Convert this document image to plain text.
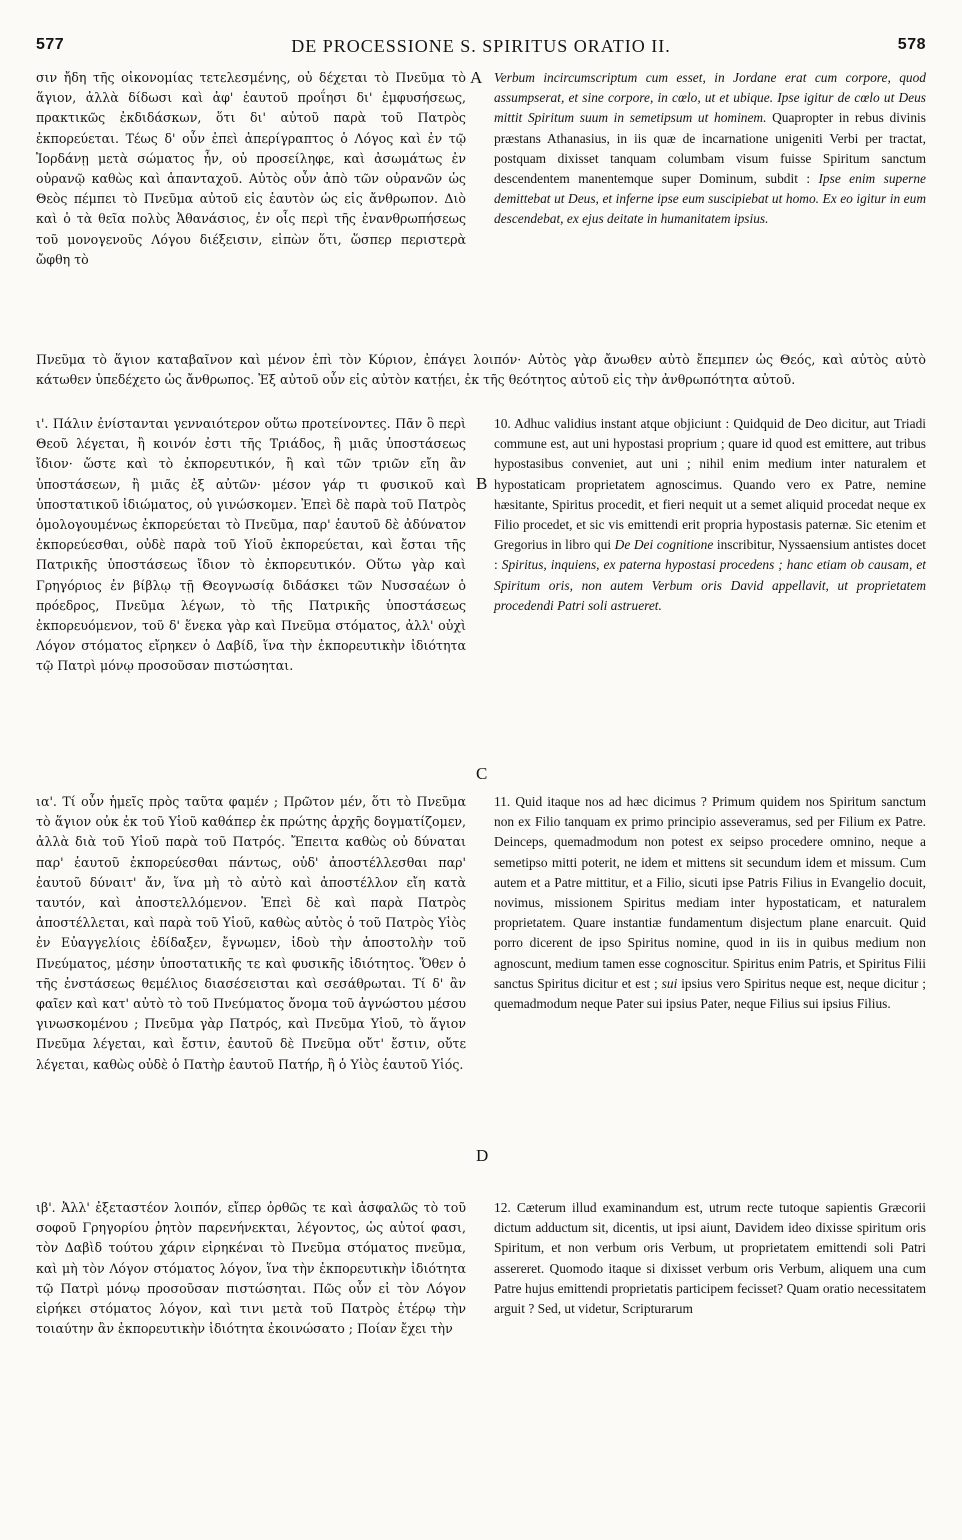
577	DE PROCESSIONE S. SPIRITUS ORATIO II.	578

σιν ἤδη τῆς οἰκονομίας τετελεσμένης, οὐ δέχεται τὸ Πνεῦμα τὸ ἅγιον, ἀλλὰ δίδωσι καὶ ἀφ' ἑαυτοῦ προΐησι δι' ἐμφυσήσεως, πρακτικῶς ἐκδιδάσκων, ὅτι δι' αὐτοῦ παρὰ τοῦ Πατρὸς ἐκπορεύεται. Τέως δ' οὖν ἐπεὶ ἀπερίγραπτος ὁ Λόγος καὶ ἐν τῷ Ἰορδάνῃ μετὰ σώματος ἦν, οὐ προσείληφε, καὶ ἀσωμάτως ἐν οὐρανῷ καθὼς καὶ ἁπανταχοῦ. Αὐτὸς οὖν ἀπὸ τῶν οὐρανῶν ὡς Θεὸς πέμπει τὸ Πνεῦμα αὐτοῦ εἰς ἑαυτὸν ὡς εἰς ἄνθρωπον. Διὸ καὶ ὁ τὰ θεῖα πολὺς Ἀθανάσιος, ἐν οἷς περὶ τῆς ἐνανθρωπήσεως τοῦ μονογενοῦς Λόγου διέξεισιν, εἰπὼν ὅτι, ὥσπερ περιστερὰ ὤφθη τὸ

A Verbum incircumscriptum cum esset, in Jordane erat cum corpore, quod assumpserat, et sine corpore, in cœlo, ut et ubique. Ipse igitur de cœlo ut Deus mittit Spiritum suum in semetipsum ut hominem. Quapropter in rebus divinis præstans Athanasius, in iis quæ de incarnatione unigeniti Verbi per tractat, postquam dixisset tanquam columbam visum fuisse Spiritum sanctum descendentem manentemque super Dominum, subdit : Ipse enim superne demittebat ut Deus, et inferne ipse eum suscipiebat ut homo. Ex eo igitur in eum descendebat, ex ejus deitate in humanitatem ipsius.

Πνεῦμα τὸ ἅγιον καταβαῖνον καὶ μένον ἐπὶ τὸν Κύριον, ἐπάγει λοιπόν· Αὐτὸς γὰρ ἄνωθεν αὐτὸ ἔπεμπεν ὡς Θεός, καὶ αὐτὸς αὐτὸ κάτωθεν ὑπεδέχετο ὡς ἄνθρωπος. Ἐξ αὐτοῦ οὖν εἰς αὐτὸν κατῄει, ἐκ τῆς θεότητος αὐτοῦ εἰς τὴν ἀνθρωπότητα αὐτοῦ.

ι'. Πάλιν ἐνίστανται γενναιότερον οὕτω προτείνοντες. Πᾶν ὃ περὶ Θεοῦ λέγεται, ἢ κοινόν ἐστι τῆς Τριάδος, ἢ μιᾶς ὑποστάσεως ἴδιον· ὥστε καὶ τὸ ἐκπορευτικόν, ἢ καὶ τῶν τριῶν εἴη ἂν ὑποστάσεων, ἢ μιᾶς ἐξ αὐτῶν· μέσον γάρ τι φυσικοῦ καὶ ὑποστατικοῦ ἰδιώματος, οὐ γινώσκομεν. Ἐπεὶ δὲ παρὰ τοῦ Πατρὸς ὁμολογουμένως ἐκπορεύεται τὸ Πνεῦμα, παρ' ἑαυτοῦ δὲ ἀδύνατον ἐκπορεύεσθαι, οὐδὲ παρὰ τοῦ Υἱοῦ ἐκπορεύεται, καὶ ἔσται τῆς Πατρικῆς ὑποστάσεως ἴδιον τὸ ἐκπορευτικόν. Οὕτω γὰρ καὶ Γρηγόριος ἐν βίβλῳ τῇ Θεογνωσίᾳ διδάσκει τῶν Νυσσαέων ὁ πρόεδρος, Πνεῦμα λέγων, τὸ τῆς Πατρικῆς ὑποστάσεως ἐκπορευόμενον, τοῦ δ' ἕνεκα γὰρ καὶ Πνεῦμα στόματος, ἀλλ' οὐχὶ Λόγον στόματος εἴρηκεν ὁ Δαβίδ, ἵνα τὴν ἐκπορευτικὴν ἰδιότητα τῷ Πατρὶ μόνῳ προσοῦσαν πιστώσηται.

B

10. Adhuc validius instant atque objiciunt : Quidquid de Deo dicitur, aut Triadi commune est, aut uni hypostasi proprium ; quare id quod est emittere, aut tribus hypostasibus conveniet, aut uni ; nihil enim medium inter naturalem et hypostaticam proprietatem agnoscimus. Quando vero ex Patre, nemine hæsitante, Spiritus procedit, et fieri nequit ut a semet aliquid procedat neque ex Filio procedet, et sic vis emittendi erit propria hypostasis paternæ. Sic etenim et Gregorius in libro qui De Dei cognitione inscribitur, Nyssaensium antistes docet : Spiritus, inquiens, ex paterna hypostasi procedens ; hanc etiam ob causam, et Spiritum oris, non autem Verbum oris David appellavit, ut proprietatem procedendi Patri soli astrueret.

C

ια'. Τί οὖν ἡμεῖς πρὸς ταῦτα φαμέν ; Πρῶτον μέν, ὅτι τὸ Πνεῦμα τὸ ἅγιον οὐκ ἐκ τοῦ Υἱοῦ καθάπερ ἐκ πρώτης ἀρχῆς δογματίζομεν, ἀλλὰ διὰ τοῦ Υἱοῦ παρὰ τοῦ Πατρός. Ἔπειτα καθὼς οὐ δύναται παρ' ἑαυτοῦ ἐκπορεύεσθαι πάντως, οὐδ' ἀποστέλλεσθαι παρ' ἑαυτοῦ δύναιτ' ἄν, ἵνα μὴ τὸ αὐτὸ καὶ ἀποστέλλον εἴη κατὰ ταυτόν, καὶ ἀποστελλόμενον. Ἐπεὶ δὲ καὶ παρὰ Πατρὸς ἀποστέλλεται, καὶ παρὰ τοῦ Υἱοῦ, καθὼς αὐτὸς ὁ τοῦ Πατρὸς Υἱὸς ἐν Εὐαγγελίοις ἐδίδαξεν, ἔγνωμεν, ἰδοὺ τὴν ἀποστολὴν τοῦ Πνεύματος, μέσην ὑποστατικῆς τε καὶ φυσικῆς ἰδιότητος. Ὅθεν ὁ τῆς ἐνστάσεως θεμέλιος διασέσεισται καὶ σεσάθρωται. Τί δ' ἂν φαῖεν καὶ κατ' αὐτὸ τὸ τοῦ Πνεύματος ὄνομα τοῦ ἀγνώστου μέσου γινωσκομένου ; Πνεῦμα γὰρ Πατρός, καὶ Πνεῦμα Υἱοῦ, τὸ ἅγιον Πνεῦμα λέγεται, καὶ ἔστιν, ἑαυτοῦ δὲ Πνεῦμα οὔτ' ἔστιν, οὔτε λέγεται, καθὼς οὐδὲ ὁ Πατὴρ ἑαυτοῦ Πατήρ, ἢ ὁ Υἱὸς ἑαυτοῦ Υἱός.

11. Quid itaque nos ad hæc dicimus ? Primum quidem nos Spiritum sanctum non ex Filio tanquam ex primo principio asseveramus, sed per Filium ex Patre. Deinceps, quemadmodum non potest ex seipso procedere omnino, neque a semetipso mitti poterit, ne idem et mittens sit secundum idem et missum. Cum autem et a Patre mittitur, et a Filio, sicuti ipse Patris Filius in Evangelio docuit, novimus, missionem Spiritus mediam inter hypostaticam, et naturalem proprietatem. Quare instantiæ fundamentum disjectum plane enarcuit. Quid porro dicerent de ipso Spiritus nomine, quod in iis in quibus medium non agnoscunt, medium tamen esse cognoscitur. Spiritus enim Patris, et Spiritus Filii sanctus Spiritus dicitur et est ; sui ipsius vero Spiritus neque est, neque dicitur ; quemadmodum neque Pater sui ipsius Pater, neque Filius sui ipsius Filius.

D

ιβ'. Ἀλλ' ἐξεταστέον λοιπόν, εἴπερ ὀρθῶς τε καὶ ἀσφαλῶς τὸ τοῦ σοφοῦ Γρηγορίου ῥητὸν παρενήνεκται, λέγοντος, ὡς αὐτοί φασι, τὸν Δαβὶδ τούτου χάριν εἰρηκέναι τὸ Πνεῦμα στόματος πνεῦμα, καὶ μὴ τὸν Λόγον στόματος λόγον, ἵνα τὴν ἐκπορευτικὴν ἰδιότητα τῷ Πατρὶ μόνῳ προσοῦσαν πιστώσηται. Πῶς οὖν εἰ τὸν Λόγον εἰρήκει στόματος λόγον, καὶ τινι μετὰ τοῦ Πατρὸς ἑτέρῳ τὴν τοιαύτην ἂν ἐκπορευτικὴν ἰδιότητα ἐκοινώσατο ; Ποίαν ἔχει τὴν

12. Cæterum illud examinandum est, utrum recte tutoque sapientis Græcorii dictum adductum sit, dicentis, ut ipsi aiunt, Davidem ideo dixisse spiritum oris Spiritum, et non verbum oris Verbum, ut proprietatem emittendi soli Patri assereret. Quomodo itaque si dixisset verbum oris Verbum, aliquem una cum Patre hujus emittendi proprietatis participem fecisset? Quam oratio necessitatem arguit ? Sed, ut videtur, Scripturarum
